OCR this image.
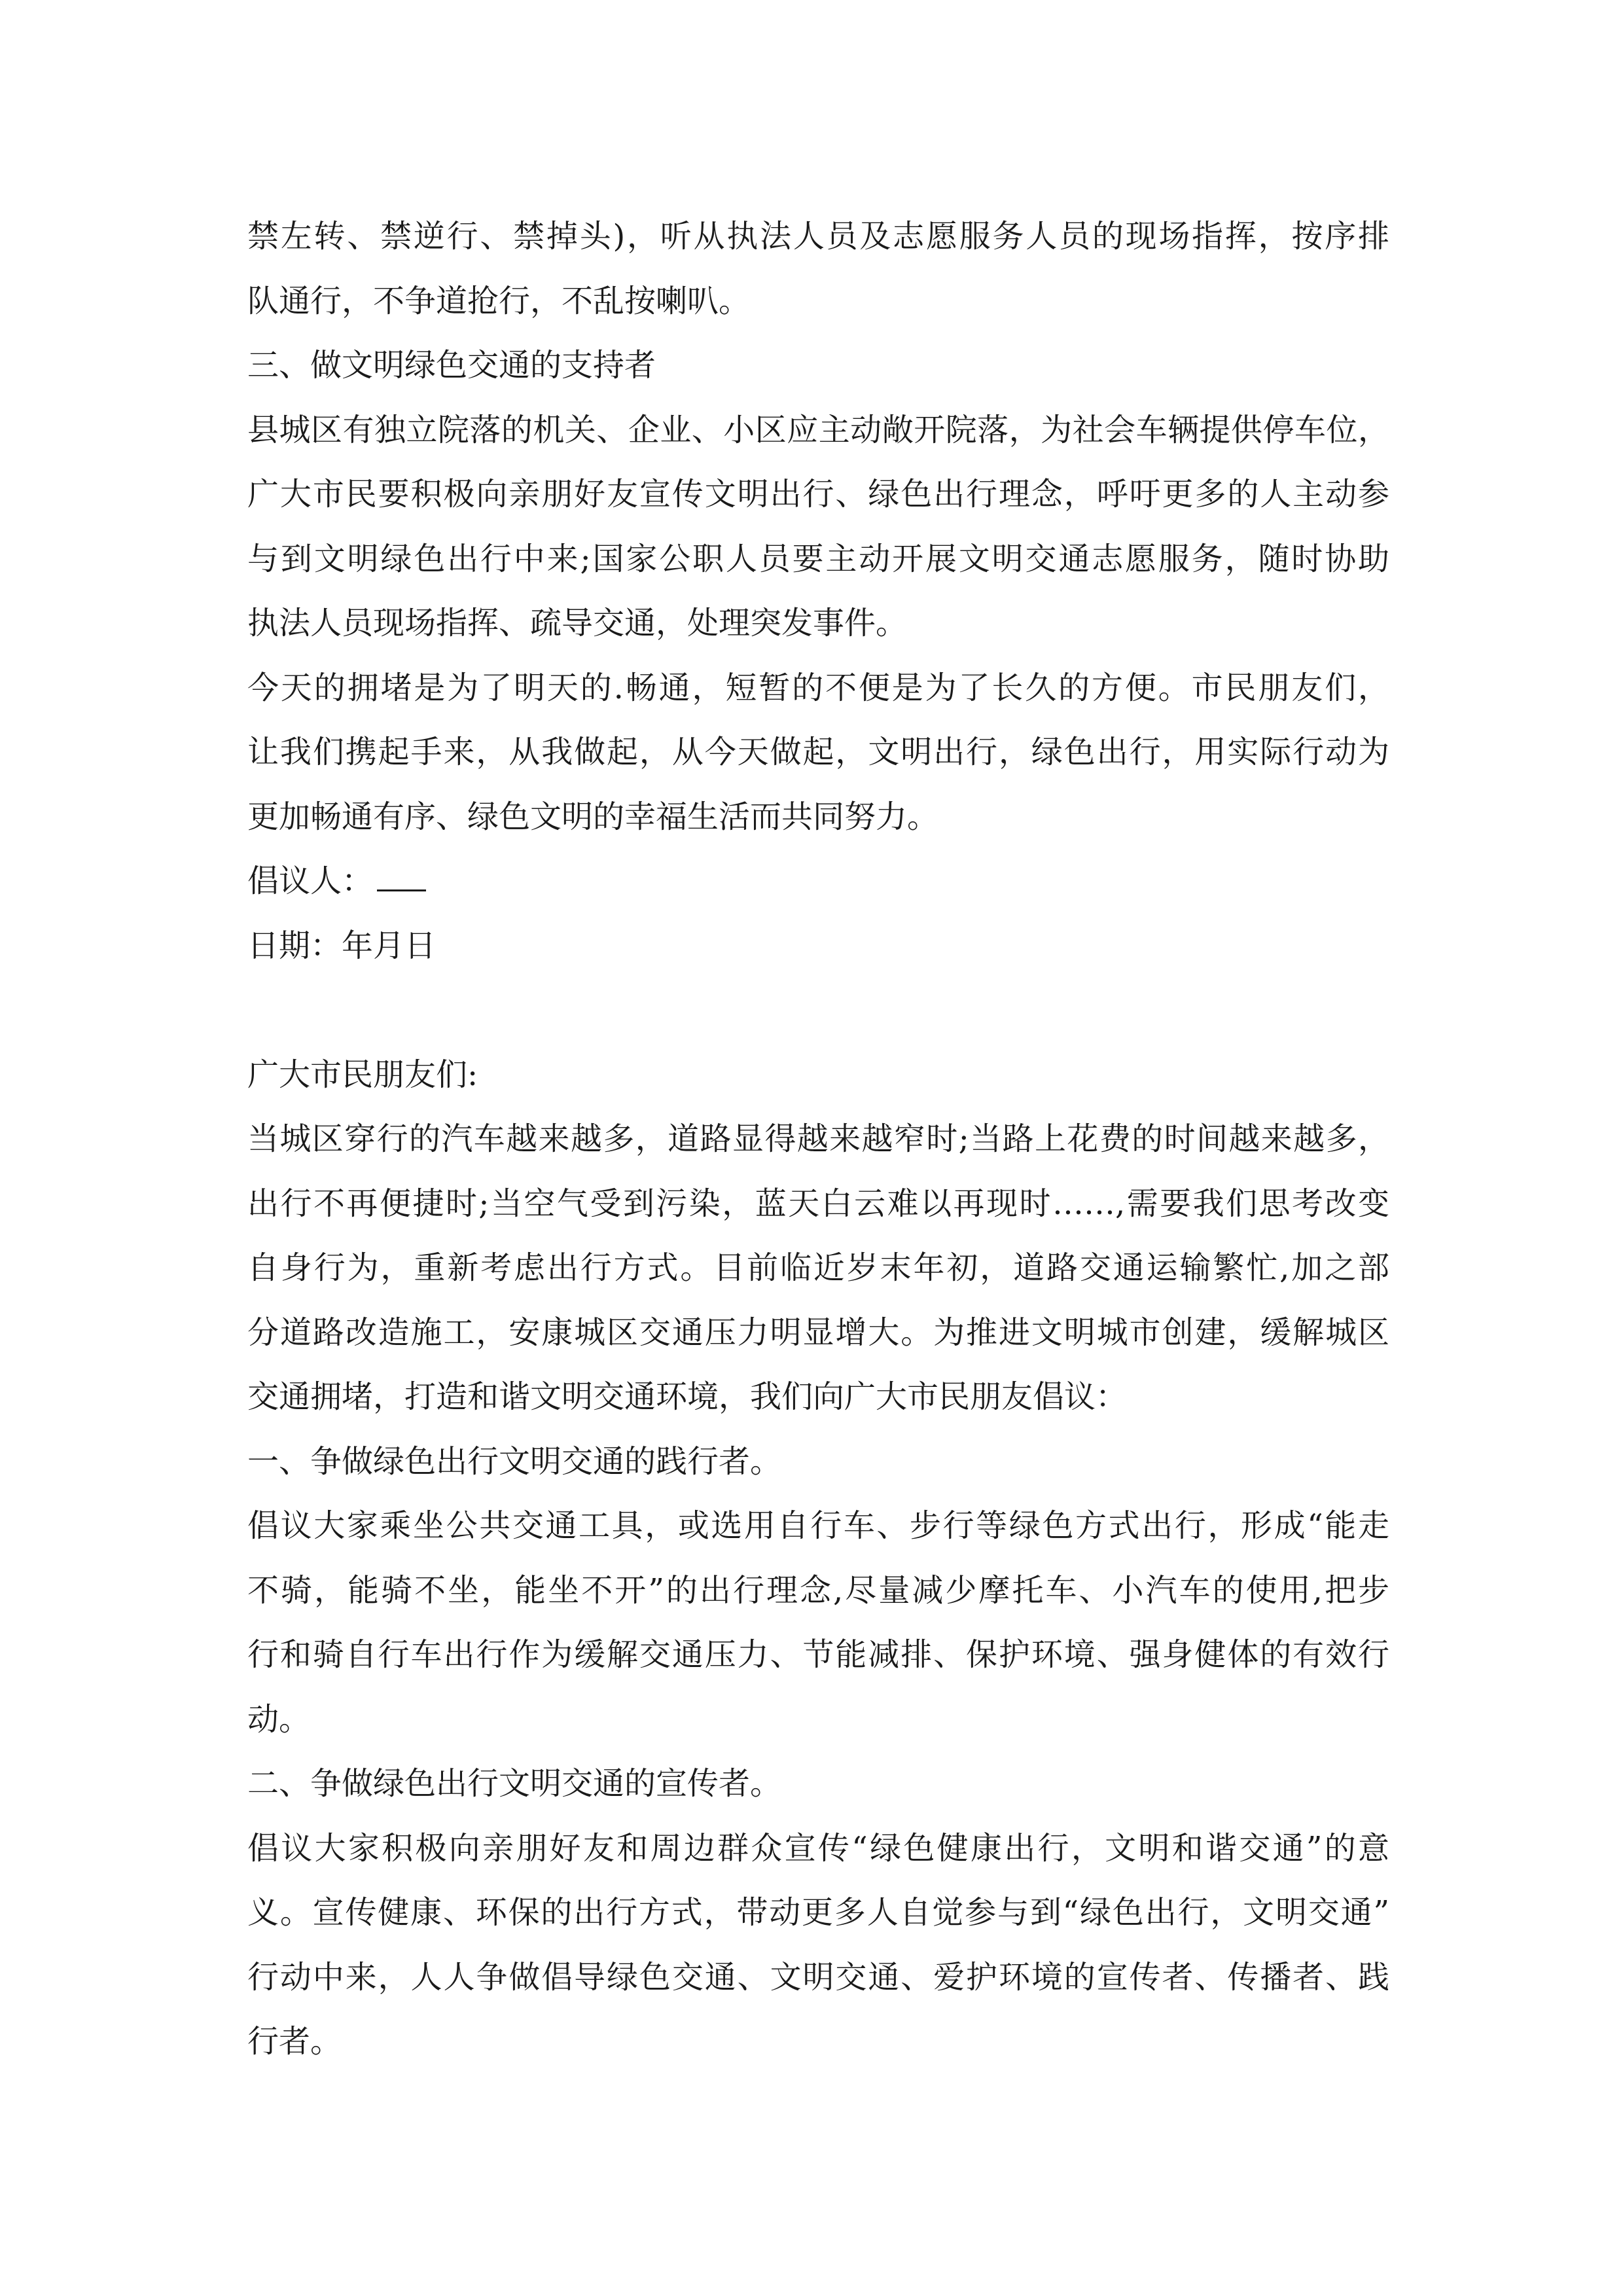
禁左转、禁逆行、禁掉头)，听从执法人员及志愿服务人员的现场指挥，按序排
队通行，不争道抢行，不乱按喇叭。
三、做文明绿色交通的支持者
县城区有独立院落的机关、企业、小区应主动敞开院落，为社会车辆提供停车位，
广大市民要积极向亲朋好友宣传文明出行、绿色出行理念，呼吁更多的人主动参
与到文明绿色出行中来;国家公职人员要主动开展文明交通志愿服务，随时协助
执法人员现场指挥、疏导交通，处理突发事件。
今天的拥堵是为了明天的.畅通，短暂的不便是为了长久的方便。市民朋友们，
让我们携起手来，从我做起，从今天做起，文明出行，绿色出行，用实际行动为
更加畅通有序、绿色文明的幸福生活而共同努力。
倡议人：
日期：年月日
广大市民朋友们:
当城区穿行的汽车越来越多，道路显得越来越窄时;当路上花费的时间越来越多，
出行不再便捷时;当空气受到污染，蓝天白云难以再现时……,需要我们思考改变
自身行为，重新考虑出行方式。目前临近岁末年初，道路交通运输繁忙,加之部
分道路改造施工，安康城区交通压力明显增大。为推进文明城市创建，缓解城区
交通拥堵，打造和谐文明交通环境，我们向广大市民朋友倡议：
一、争做绿色出行文明交通的践行者。
倡议大家乘坐公共交通工具，或选用自行车、步行等绿色方式出行，形成“能走
不骑，能骑不坐，能坐不开”的出行理念,尽量减少摩托车、小汽车的使用,把步
行和骑自行车出行作为缓解交通压力、节能减排、保护环境、强身健体的有效行
动。
二、争做绿色出行文明交通的宣传者。
倡议大家积极向亲朋好友和周边群众宣传“绿色健康出行，文明和谐交通”的意
义。宣传健康、环保的出行方式，带动更多人自觉参与到“绿色出行，文明交通”
行动中来，人人争做倡导绿色交通、文明交通、爱护环境的宣传者、传播者、践
行者。
